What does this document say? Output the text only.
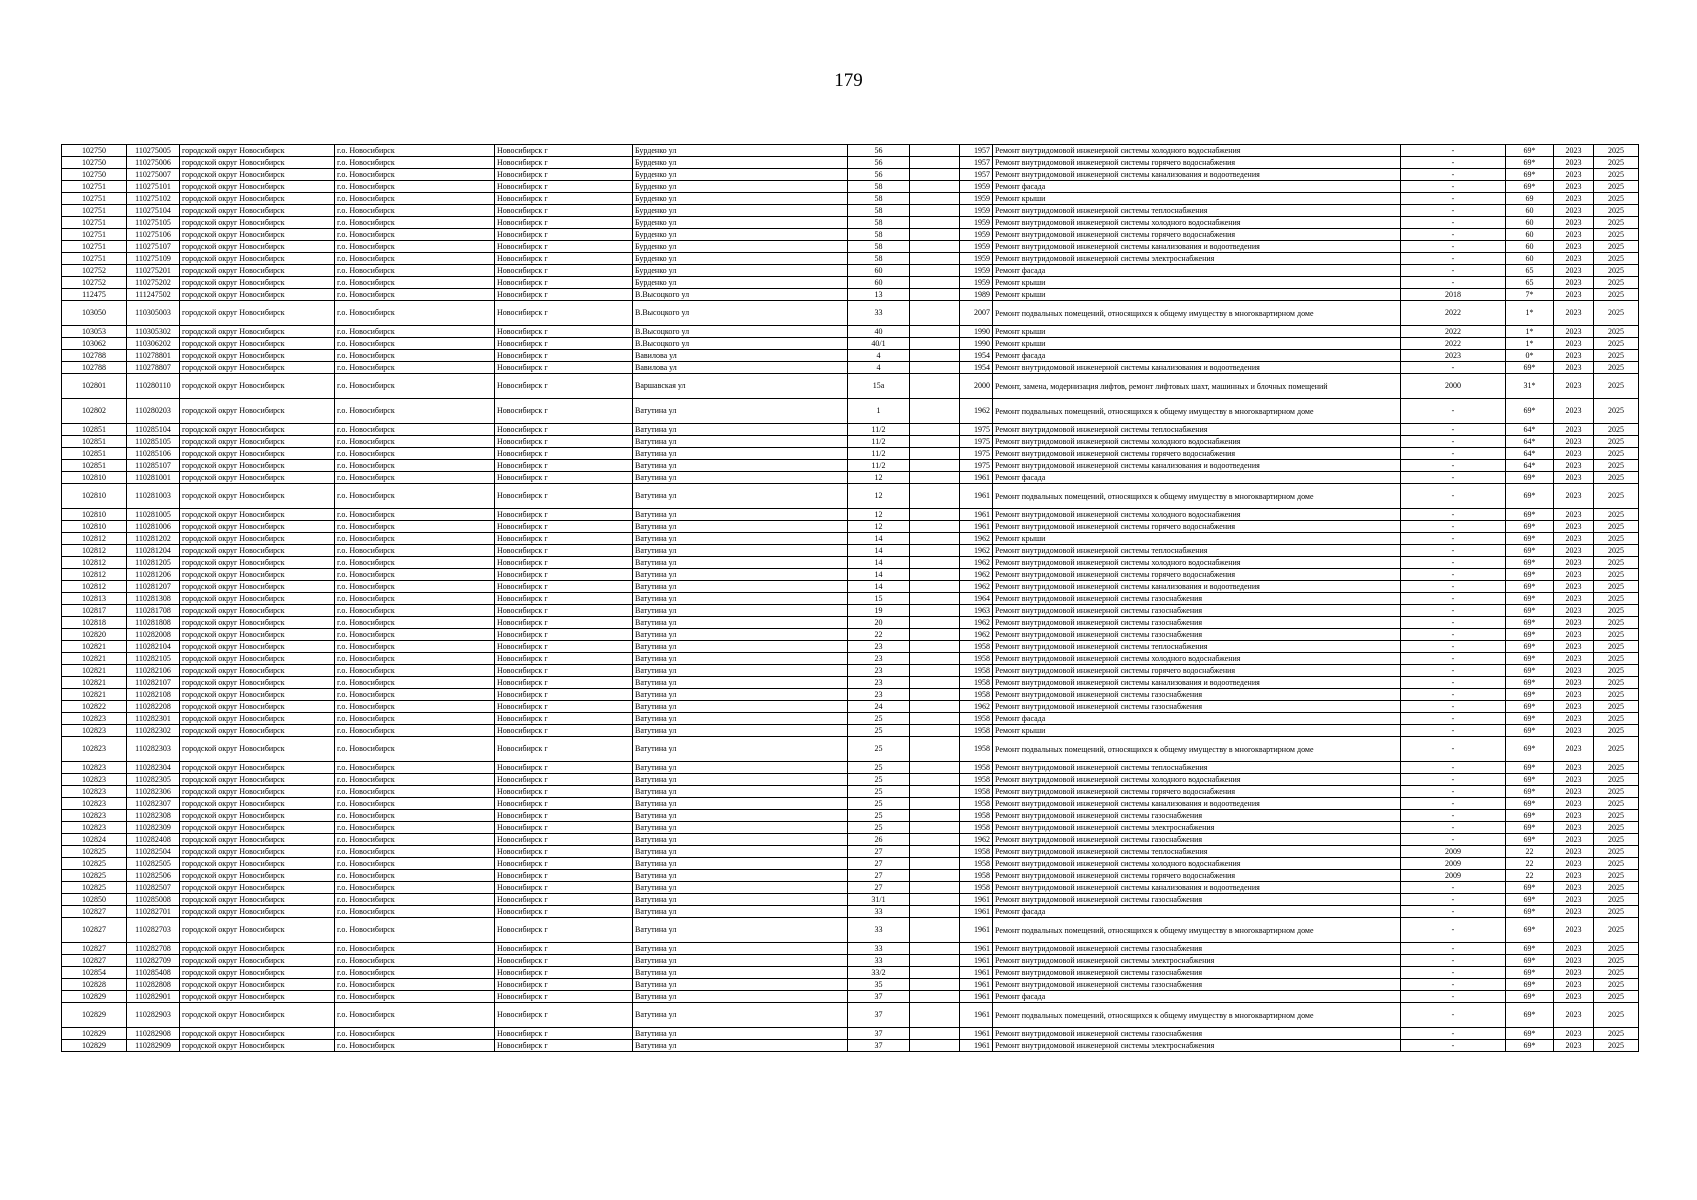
179
102750	110275005	городской округ Новосибирск	г.о. Новосибирск	Новосибирск г	Бурденко ул	56		1957	Ремонт внутридомовой инженерной системы холодного водоснабжения	-	69*	2023	2025
102750	110275006	городской округ Новосибирск	г.о. Новосибирск	Новосибирск г	Бурденко ул	56		1957	Ремонт внутридомовой инженерной системы горячего водоснабжения	-	69*	2023	2025
102750	110275007	городской округ Новосибирск	г.о. Новосибирск	Новосибирск г	Бурденко ул	56		1957	Ремонт внутридомовой инженерной системы канализования и водоотведения	-	69*	2023	2025
102751	110275101	городской округ Новосибирск	г.о. Новосибирск	Новосибирск г	Бурденко ул	58		1959	Ремонт фасада	-	69*	2023	2025
102751	110275102	городской округ Новосибирск	г.о. Новосибирск	Новосибирск г	Бурденко ул	58		1959	Ремонт крыши	-	69	2023	2025
102751	110275104	городской округ Новосибирск	г.о. Новосибирск	Новосибирск г	Бурденко ул	58		1959	Ремонт внутридомовой инженерной системы теплоснабжения	-	60	2023	2025
102751	110275105	городской округ Новосибирск	г.о. Новосибирск	Новосибирск г	Бурденко ул	58		1959	Ремонт внутридомовой инженерной системы холодного водоснабжения	-	60	2023	2025
102751	110275106	городской округ Новосибирск	г.о. Новосибирск	Новосибирск г	Бурденко ул	58		1959	Ремонт внутридомовой инженерной системы горячего водоснабжения	-	60	2023	2025
102751	110275107	городской округ Новосибирск	г.о. Новосибирск	Новосибирск г	Бурденко ул	58		1959	Ремонт внутридомовой инженерной системы канализования и водоотведения	-	60	2023	2025
102751	110275109	городской округ Новосибирск	г.о. Новосибирск	Новосибирск г	Бурденко ул	58		1959	Ремонт внутридомовой инженерной системы электроснабжения	-	60	2023	2025
102752	110275201	городской округ Новосибирск	г.о. Новосибирск	Новосибирск г	Бурденко ул	60		1959	Ремонт фасада	-	65	2023	2025
102752	110275202	городской округ Новосибирск	г.о. Новосибирск	Новосибирск г	Бурденко ул	60		1959	Ремонт крыши	-	65	2023	2025
112475	111247502	городской округ Новосибирск	г.о. Новосибирск	Новосибирск г	В.Высоцкого ул	13		1989	Ремонт крыши	2018	7*	2023	2025
103050	110305003	городской округ Новосибирск	г.о. Новосибирск	Новосибирск г	В.Высоцкого ул	33		2007	Ремонт подвальных помещений, относящихся к общему имуществу в многоквартирном доме	2022	1*	2023	2025
103053	110305302	городской округ Новосибирск	г.о. Новосибирск	Новосибирск г	В.Высоцкого ул	40		1990	Ремонт крыши	2022	1*	2023	2025
103062	110306202	городской округ Новосибирск	г.о. Новосибирск	Новосибирск г	В.Высоцкого ул	40/1		1990	Ремонт крыши	2022	1*	2023	2025
102788	110278801	городской округ Новосибирск	г.о. Новосибирск	Новосибирск г	Вавилова ул	4		1954	Ремонт фасада	2023	0*	2023	2025
102788	110278807	городской округ Новосибирск	г.о. Новосибирск	Новосибирск г	Вавилова ул	4		1954	Ремонт внутридомовой инженерной системы канализования и водоотведения	-	69*	2023	2025
102801	110280110	городской округ Новосибирск	г.о. Новосибирск	Новосибирск г	Варшавская ул	15а		2000	Ремонт, замена, модернизация лифтов, ремонт лифтовых шахт, машинных и блочных помещений	2000	31*	2023	2025
102802	110280203	городской округ Новосибирск	г.о. Новосибирск	Новосибирск г	Ватутина ул	1		1962	Ремонт подвальных помещений, относящихся к общему имуществу в многоквартирном доме	-	69*	2023	2025
102851	110285104	городской округ Новосибирск	г.о. Новосибирск	Новосибирск г	Ватутина ул	11/2		1975	Ремонт внутридомовой инженерной системы теплоснабжения	-	64*	2023	2025
102851	110285105	городской округ Новосибирск	г.о. Новосибирск	Новосибирск г	Ватутина ул	11/2		1975	Ремонт внутридомовой инженерной системы холодного водоснабжения	-	64*	2023	2025
102851	110285106	городской округ Новосибирск	г.о. Новосибирск	Новосибирск г	Ватутина ул	11/2		1975	Ремонт внутридомовой инженерной системы горячего водоснабжения	-	64*	2023	2025
102851	110285107	городской округ Новосибирск	г.о. Новосибирск	Новосибирск г	Ватутина ул	11/2		1975	Ремонт внутридомовой инженерной системы канализования и водоотведения	-	64*	2023	2025
102810	110281001	городской округ Новосибирск	г.о. Новосибирск	Новосибирск г	Ватутина ул	12		1961	Ремонт фасада	-	69*	2023	2025
102810	110281003	городской округ Новосибирск	г.о. Новосибирск	Новосибирск г	Ватутина ул	12		1961	Ремонт подвальных помещений, относящихся к общему имуществу в многоквартирном доме	-	69*	2023	2025
102810	110281005	городской округ Новосибирск	г.о. Новосибирск	Новосибирск г	Ватутина ул	12		1961	Ремонт внутридомовой инженерной системы холодного водоснабжения	-	69*	2023	2025
102810	110281006	городской округ Новосибирск	г.о. Новосибирск	Новосибирск г	Ватутина ул	12		1961	Ремонт внутридомовой инженерной системы горячего водоснабжения	-	69*	2023	2025
102812	110281202	городской округ Новосибирск	г.о. Новосибирск	Новосибирск г	Ватутина ул	14		1962	Ремонт крыши	-	69*	2023	2025
102812	110281204	городской округ Новосибирск	г.о. Новосибирск	Новосибирск г	Ватутина ул	14		1962	Ремонт внутридомовой инженерной системы теплоснабжения	-	69*	2023	2025
102812	110281205	городской округ Новосибирск	г.о. Новосибирск	Новосибирск г	Ватутина ул	14		1962	Ремонт внутридомовой инженерной системы холодного водоснабжения	-	69*	2023	2025
102812	110281206	городской округ Новосибирск	г.о. Новосибирск	Новосибирск г	Ватутина ул	14		1962	Ремонт внутридомовой инженерной системы горячего водоснабжения	-	69*	2023	2025
102812	110281207	городской округ Новосибирск	г.о. Новосибирск	Новосибирск г	Ватутина ул	14		1962	Ремонт внутридомовой инженерной системы канализования и водоотведения	-	69*	2023	2025
102813	110281308	городской округ Новосибирск	г.о. Новосибирск	Новосибирск г	Ватутина ул	15		1964	Ремонт внутридомовой инженерной системы газоснабжения	-	69*	2023	2025
102817	110281708	городской округ Новосибирск	г.о. Новосибирск	Новосибирск г	Ватутина ул	19		1963	Ремонт внутридомовой инженерной системы газоснабжения	-	69*	2023	2025
102818	110281808	городской округ Новосибирск	г.о. Новосибирск	Новосибирск г	Ватутина ул	20		1962	Ремонт внутридомовой инженерной системы газоснабжения	-	69*	2023	2025
102820	110282008	городской округ Новосибирск	г.о. Новосибирск	Новосибирск г	Ватутина ул	22		1962	Ремонт внутридомовой инженерной системы газоснабжения	-	69*	2023	2025
102821	110282104	городской округ Новосибирск	г.о. Новосибирск	Новосибирск г	Ватутина ул	23		1958	Ремонт внутридомовой инженерной системы теплоснабжения	-	69*	2023	2025
102821	110282105	городской округ Новосибирск	г.о. Новосибирск	Новосибирск г	Ватутина ул	23		1958	Ремонт внутридомовой инженерной системы холодного водоснабжения	-	69*	2023	2025
102821	110282106	городской округ Новосибирск	г.о. Новосибирск	Новосибирск г	Ватутина ул	23		1958	Ремонт внутридомовой инженерной системы горячего водоснабжения	-	69*	2023	2025
102821	110282107	городской округ Новосибирск	г.о. Новосибирск	Новосибирск г	Ватутина ул	23		1958	Ремонт внутридомовой инженерной системы канализования и водоотведения	-	69*	2023	2025
102821	110282108	городской округ Новосибирск	г.о. Новосибирск	Новосибирск г	Ватутина ул	23		1958	Ремонт внутридомовой инженерной системы газоснабжения	-	69*	2023	2025
102822	110282208	городской округ Новосибирск	г.о. Новосибирск	Новосибирск г	Ватутина ул	24		1962	Ремонт внутридомовой инженерной системы газоснабжения	-	69*	2023	2025
102823	110282301	городской округ Новосибирск	г.о. Новосибирск	Новосибирск г	Ватутина ул	25		1958	Ремонт фасада	-	69*	2023	2025
102823	110282302	городской округ Новосибирск	г.о. Новосибирск	Новосибирск г	Ватутина ул	25		1958	Ремонт крыши	-	69*	2023	2025
102823	110282303	городской округ Новосибирск	г.о. Новосибирск	Новосибирск г	Ватутина ул	25		1958	Ремонт подвальных помещений, относящихся к общему имуществу в многоквартирном доме	-	69*	2023	2025
102823	110282304	городской округ Новосибирск	г.о. Новосибирск	Новосибирск г	Ватутина ул	25		1958	Ремонт внутридомовой инженерной системы теплоснабжения	-	69*	2023	2025
102823	110282305	городской округ Новосибирск	г.о. Новосибирск	Новосибирск г	Ватутина ул	25		1958	Ремонт внутридомовой инженерной системы холодного водоснабжения	-	69*	2023	2025
102823	110282306	городской округ Новосибирск	г.о. Новосибирск	Новосибирск г	Ватутина ул	25		1958	Ремонт внутридомовой инженерной системы горячего водоснабжения	-	69*	2023	2025
102823	110282307	городской округ Новосибирск	г.о. Новосибирск	Новосибирск г	Ватутина ул	25		1958	Ремонт внутридомовой инженерной системы канализования и водоотведения	-	69*	2023	2025
102823	110282308	городской округ Новосибирск	г.о. Новосибирск	Новосибирск г	Ватутина ул	25		1958	Ремонт внутридомовой инженерной системы газоснабжения	-	69*	2023	2025
102823	110282309	городской округ Новосибирск	г.о. Новосибирск	Новосибирск г	Ватутина ул	25		1958	Ремонт внутридомовой инженерной системы электроснабжения	-	69*	2023	2025
102824	110282408	городской округ Новосибирск	г.о. Новосибирск	Новосибирск г	Ватутина ул	26		1962	Ремонт внутридомовой инженерной системы газоснабжения	-	69*	2023	2025
102825	110282504	городской округ Новосибирск	г.о. Новосибирск	Новосибирск г	Ватутина ул	27		1958	Ремонт внутридомовой инженерной системы теплоснабжения	2009	22	2023	2025
102825	110282505	городской округ Новосибирск	г.о. Новосибирск	Новосибирск г	Ватутина ул	27		1958	Ремонт внутридомовой инженерной системы холодного водоснабжения	2009	22	2023	2025
102825	110282506	городской округ Новосибирск	г.о. Новосибирск	Новосибирск г	Ватутина ул	27		1958	Ремонт внутридомовой инженерной системы горячего водоснабжения	2009	22	2023	2025
102825	110282507	городской округ Новосибирск	г.о. Новосибирск	Новосибирск г	Ватутина ул	27		1958	Ремонт внутридомовой инженерной системы канализования и водоотведения	-	69*	2023	2025
102850	110285008	городской округ Новосибирск	г.о. Новосибирск	Новосибирск г	Ватутина ул	31/1		1961	Ремонт внутридомовой инженерной системы газоснабжения	-	69*	2023	2025
102827	110282701	городской округ Новосибирск	г.о. Новосибирск	Новосибирск г	Ватутина ул	33		1961	Ремонт фасада	-	69*	2023	2025
102827	110282703	городской округ Новосибирск	г.о. Новосибирск	Новосибирск г	Ватутина ул	33		1961	Ремонт подвальных помещений, относящихся к общему имуществу в многоквартирном доме	-	69*	2023	2025
102827	110282708	городской округ Новосибирск	г.о. Новосибирск	Новосибирск г	Ватутина ул	33		1961	Ремонт внутридомовой инженерной системы газоснабжения	-	69*	2023	2025
102827	110282709	городской округ Новосибирск	г.о. Новосибирск	Новосибирск г	Ватутина ул	33		1961	Ремонт внутридомовой инженерной системы электроснабжения	-	69*	2023	2025
102854	110285408	городской округ Новосибирск	г.о. Новосибирск	Новосибирск г	Ватутина ул	33/2		1961	Ремонт внутридомовой инженерной системы газоснабжения	-	69*	2023	2025
102828	110282808	городской округ Новосибирск	г.о. Новосибирск	Новосибирск г	Ватутина ул	35		1961	Ремонт внутридомовой инженерной системы газоснабжения	-	69*	2023	2025
102829	110282901	городской округ Новосибирск	г.о. Новосибирск	Новосибирск г	Ватутина ул	37		1961	Ремонт фасада	-	69*	2023	2025
102829	110282903	городской округ Новосибирск	г.о. Новосибирск	Новосибирск г	Ватутина ул	37		1961	Ремонт подвальных помещений, относящихся к общему имуществу в многоквартирном доме	-	69*	2023	2025
102829	110282908	городской округ Новосибирск	г.о. Новосибирск	Новосибирск г	Ватутина ул	37		1961	Ремонт внутридомовой инженерной системы газоснабжения	-	69*	2023	2025
102829	110282909	городской округ Новосибирск	г.о. Новосибирск	Новосибирск г	Ватутина ул	37		1961	Ремонт внутридомовой инженерной системы электроснабжения	-	69*	2023	2025
